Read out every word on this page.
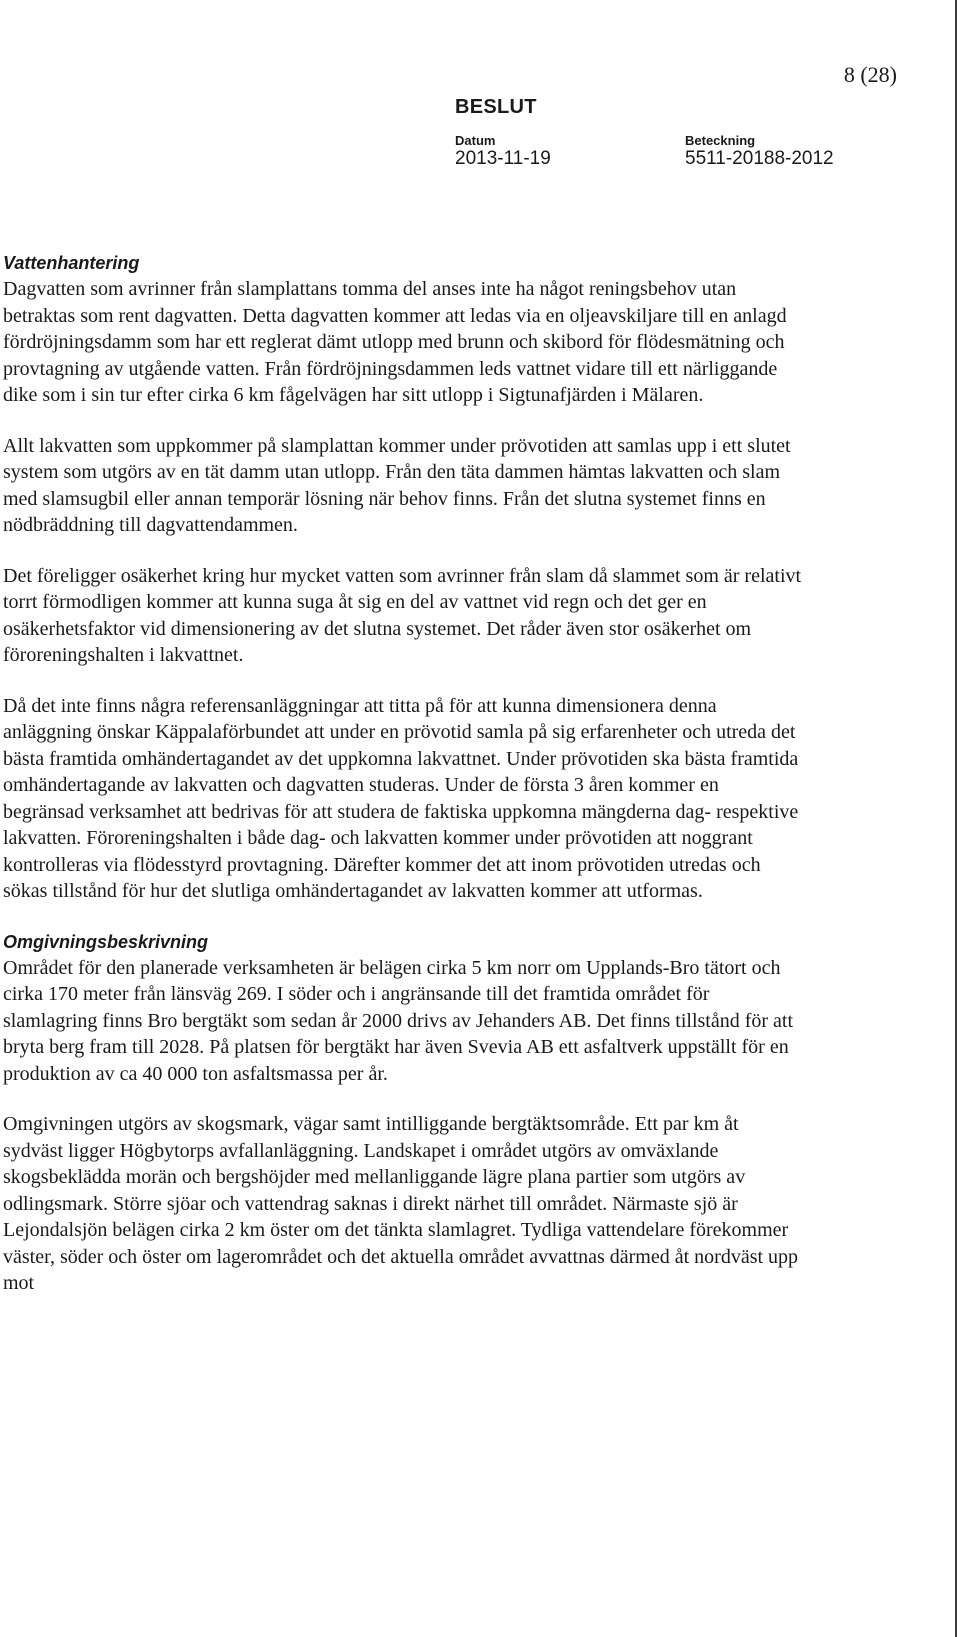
8 (28)
BESLUT
Datum
2013-11-19
Beteckning
5511-20188-2012
Vattenhantering

Dagvatten som avrinner från slamplattans tomma del anses inte ha något reningsbehov utan betraktas som rent dagvatten. Detta dagvatten kommer att ledas via en oljeavskiljare till en anlagd fördröjningsdamm som har ett reglerat dämt utlopp med brunn och skibord för flödesmätning och provtagning av utgående vatten. Från fördröjningsdammen leds vattnet vidare till ett närliggande dike som i sin tur efter cirka 6 km fågelvägen har sitt utlopp i Sigtunafjärden i Mälaren.

Allt lakvatten som uppkommer på slamplattan kommer under prövotiden att samlas upp i ett slutet system som utgörs av en tät damm utan utlopp. Från den täta dammen hämtas lakvatten och slam med slamsugbil eller annan temporär lösning när behov finns. Från det slutna systemet finns en nödbräddning till dagvattendammen.

Det föreligger osäkerhet kring hur mycket vatten som avrinner från slam då slammet som är relativt torrt förmodligen kommer att kunna suga åt sig en del av vattnet vid regn och det ger en osäkerhetsfaktor vid dimensionering av det slutna systemet. Det råder även stor osäkerhet om föroreningshalten i lakvattnet.

Då det inte finns några referensanläggningar att titta på för att kunna dimensionera denna anläggning önskar Käppalaförbundet att under en prövotid samla på sig erfarenheter och utreda det bästa framtida omhändertagandet av det uppkomna lakvattnet. Under prövotiden ska bästa framtida omhändertagande av lakvatten och dagvatten studeras. Under de första 3 åren kommer en begränsad verksamhet att bedrivas för att studera de faktiska uppkomna mängderna dag- respektive lakvatten. Föroreningshalten i både dag- och lakvatten kommer under prövotiden att noggrant kontrolleras via flödesstyrd provtagning. Därefter kommer det att inom prövotiden utredas och sökas tillstånd för hur det slutliga omhändertagandet av lakvatten kommer att utformas.

Omgivningsbeskrivning

Området för den planerade verksamheten är belägen cirka 5 km norr om Upplands-Bro tätort och cirka 170 meter från länsväg 269. I söder och i angränsande till det framtida området för slamlagring finns Bro bergtäkt som sedan år 2000 drivs av Jehanders AB. Det finns tillstånd för att bryta berg fram till 2028. På platsen för bergtäkt har även Svevia AB ett asfaltverk uppställt för en produktion av ca 40 000 ton asfaltsmassa per år.

Omgivningen utgörs av skogsmark, vägar samt intilliggande bergtäktsområde. Ett par km åt sydväst ligger Högbytorps avfallanläggning. Landskapet i området utgörs av omväxlande skogsbeklädda morän och bergshöjder med mellanliggande lägre plana partier som utgörs av odlingsmark. Större sjöar och vattendrag saknas i direkt närhet till området. Närmaste sjö är Lejondalsjön belägen cirka 2 km öster om det tänkta slamlagret. Tydliga vattendelare förekommer väster, söder och öster om lagerområdet och det aktuella området avvattnas därmed åt nordväst upp mot
